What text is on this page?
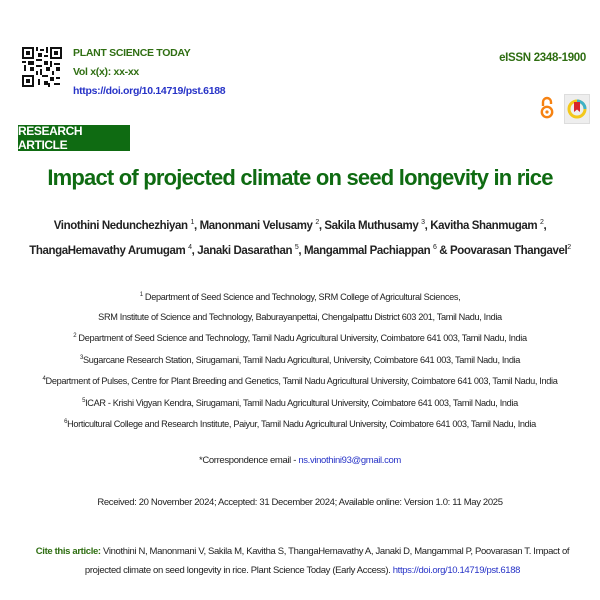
PLANT SCIENCE TODAY
Vol x(x): xx-xx
https://doi.org/10.14719/pst.6188
eISSN 2348-1900
RESEARCH ARTICLE
Impact of projected climate on seed longevity in rice
Vinothini Nedunchezhiyan $^1$, Manonmani Velusamy $^2$, Sakila Muthusamy $^3$, Kavitha Shanmugam $^2$,
ThangaHemavathy Arumugam $^4$, Janaki Dasarathan $^5$, Mangammal Pachiappan $^6$ & Poovarasan Thangavel$^2$
$^1$ Department of Seed Science and Technology, SRM College of Agricultural Sciences,
SRM Institute of Science and Technology, Baburayanpettai, Chengalpattu District 603 201, Tamil Nadu, India
$^2$ Department of Seed Science and Technology, Tamil Nadu Agricultural University, Coimbatore 641 003, Tamil Nadu, India
$^3$Sugarcane Research Station, Sirugamani, Tamil Nadu Agricultural, University, Coimbatore 641 003, Tamil Nadu, India
$^4$Department of Pulses, Centre for Plant Breeding and Genetics, Tamil Nadu Agricultural University, Coimbatore 641 003, Tamil Nadu, India
$^5$ICAR - Krishi Vigyan Kendra, Sirugamani, Tamil Nadu Agricultural University, Coimbatore 641 003, Tamil Nadu, India
$^6$Horticultural College and Research Institute, Paiyur, Tamil Nadu Agricultural University, Coimbatore 641 003, Tamil Nadu, India
*Correspondence email - ns.vinothini93@gmail.com
Received: 20 November 2024; Accepted: 31 December 2024; Available online: Version 1.0: 11 May 2025
Cite this article: Vinothini N, Manonmani V, Sakila M, Kavitha S, ThangaHemavathy A, Janaki D, Mangammal P, Poovarasan T. Impact of projected climate on seed longevity in rice. Plant Science Today (Early Access). https://doi.org/10.14719/pst.6188
